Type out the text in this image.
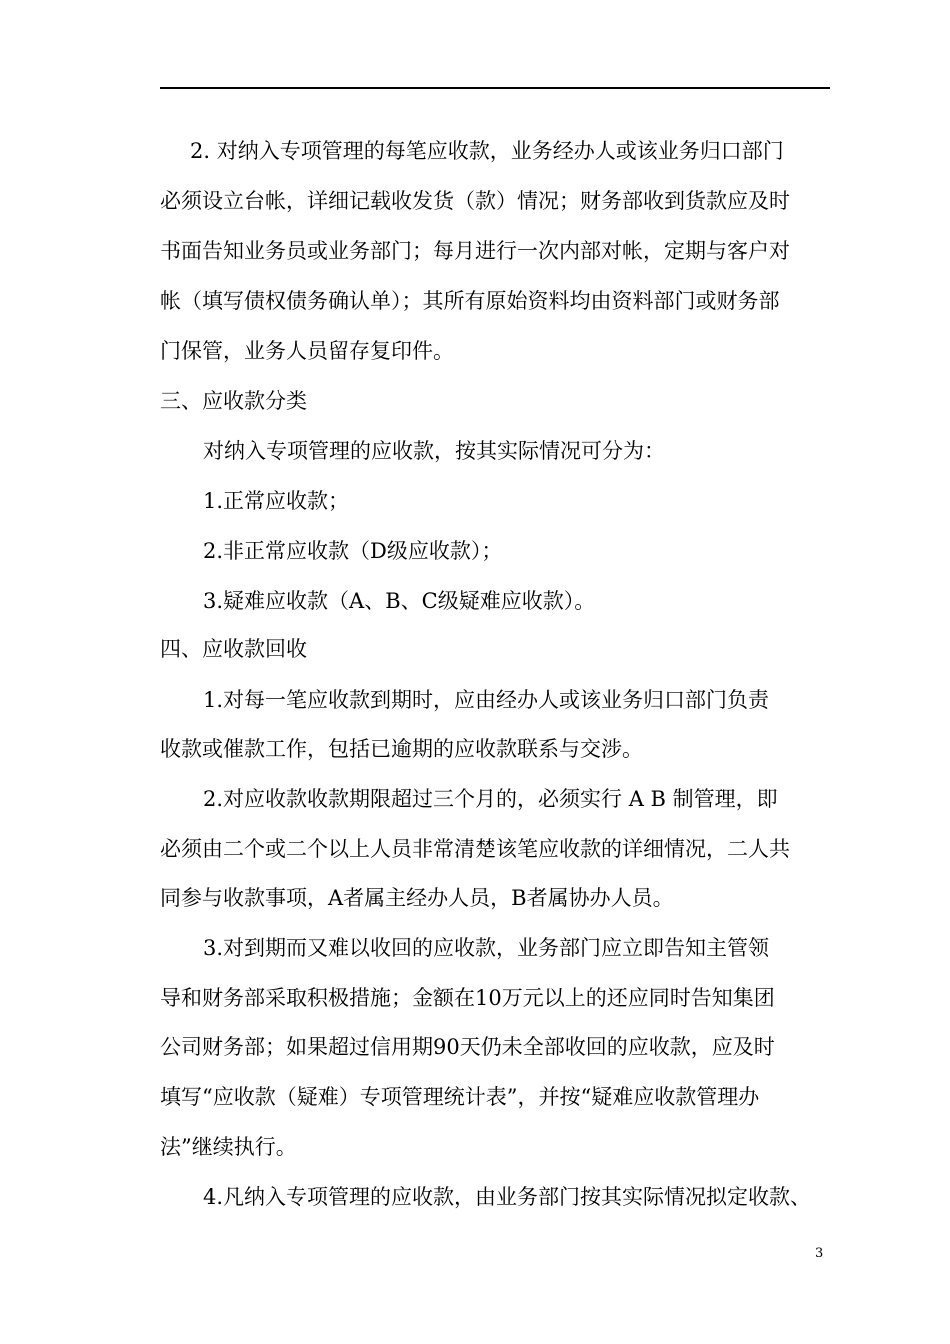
2. 对纳入专项管理的每笔应收款，业务经办人或该业务归口部门
必须设立台帐，详细记载收发货（款）情况；财务部收到货款应及时
书面告知业务员或业务部门；每月进行一次内部对帐，定期与客户对
帐（填写债权债务确认单）；其所有原始资料均由资料部门或财务部
门保管，业务人员留存复印件。
三、应收款分类
对纳入专项管理的应收款，按其实际情况可分为：
1.正常应收款；
2.非正常应收款（D级应收款）；
3.疑难应收款（A、B、C级疑难应收款）。
四、应收款回收
1.对每一笔应收款到期时，应由经办人或该业务归口部门负责
收款或催款工作，包括已逾期的应收款联系与交涉。
2.对应收款收款期限超过三个月的，必须实行 A B 制管理，即
必须由二个或二个以上人员非常清楚该笔应收款的详细情况，二人共
同参与收款事项，A者属主经办人员，B者属协办人员。
3.对到期而又难以收回的应收款，业务部门应立即告知主管领
导和财务部采取积极措施；金额在10万元以上的还应同时告知集团
公司财务部；如果超过信用期90天仍未全部收回的应收款，应及时
填写“应收款（疑难）专项管理统计表”，并按“疑难应收款管理办
法”继续执行。
4.凡纳入专项管理的应收款，由业务部门按其实际情况拟定收款、
3
